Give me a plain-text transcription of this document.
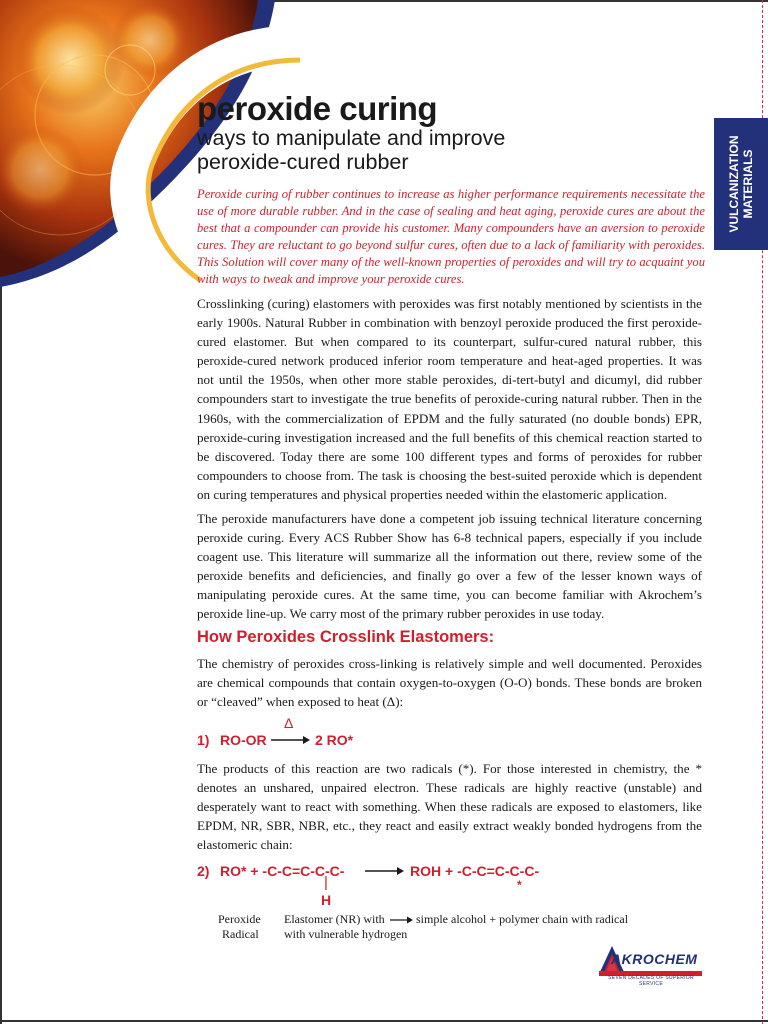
peroxide curing
ways to manipulate and improve
peroxide-cured rubber	VULCANIZATION MATERIALS

Peroxide curing of rubber continues to increase as higher performance requirements necessitate the use of more durable rubber. And in the case of sealing and heat aging, peroxide cures are about the best that a compounder can provide his customer. Many compounders have an aversion to peroxide cures. They are reluctant to go beyond sulfur cures, often due to a lack of familiarity with peroxides. This Solution will cover many of the well-known properties of peroxides and will try to acquaint you with ways to tweak and improve your peroxide cures.

Crosslinking (curing) elastomers with peroxides was first notably mentioned by scientists in the early 1900s. Natural Rubber in combination with benzoyl peroxide produced the first peroxide-cured elastomer. But when compared to its counterpart, sulfur-cured natural rubber, this peroxide-cured network produced inferior room temperature and heat-aged properties. It was not until the 1950s, when other more stable peroxides, di-tert-butyl and dicumyl, did rubber compounders start to investigate the true benefits of peroxide-curing natural rubber. Then in the 1960s, with the commercialization of EPDM and the fully saturated (no double bonds) EPR, peroxide-curing investigation increased and the full benefits of this chemical reaction started to be discovered. Today there are some 100 different types and forms of peroxides for rubber compounders to choose from. The task is choosing the best-suited peroxide which is dependent on curing temperatures and physical properties needed within the elastomeric application.

The peroxide manufacturers have done a competent job issuing technical literature concerning peroxide curing. Every ACS Rubber Show has 6-8 technical papers, especially if you include coagent use. This literature will summarize all the information out there, review some of the peroxide benefits and deficiencies, and finally go over a few of the lesser known ways of manipulating peroxide cures. At the same time, you can become familiar with Akrochem’s peroxide line-up. We carry most of the primary rubber peroxides in use today.

How Peroxides Crosslink Elastomers:

The chemistry of peroxides cross-linking is relatively simple and well documented. Peroxides are chemical compounds that contain oxygen-to-oxygen (O-O) bonds. These bonds are broken or “cleaved” when exposed to heat (Δ):

1) RO-OR
Δ
→ 2 RO*

The products of this reaction are two radicals (*). For those interested in chemistry, the * denotes an unshared, unpaired electron. These radicals are highly reactive (unstable) and desperately want to react with something. When these radicals are exposed to elastomers, like EPDM, NR, SBR, NBR, etc., they react and easily extract weakly bonded hydrogens from the elastomeric chain:

2) RO* + -C-C=C-C-C-
|
H
→ ROH + -C-C=C-C-C-
*

Peroxide

Radical

Elastomer (NR) with

with vulnerable hydrogen

simple alcohol + polymer chain with radical

AKROCHEM
SEVEN DECADES OF SUPERIOR SERVICE
